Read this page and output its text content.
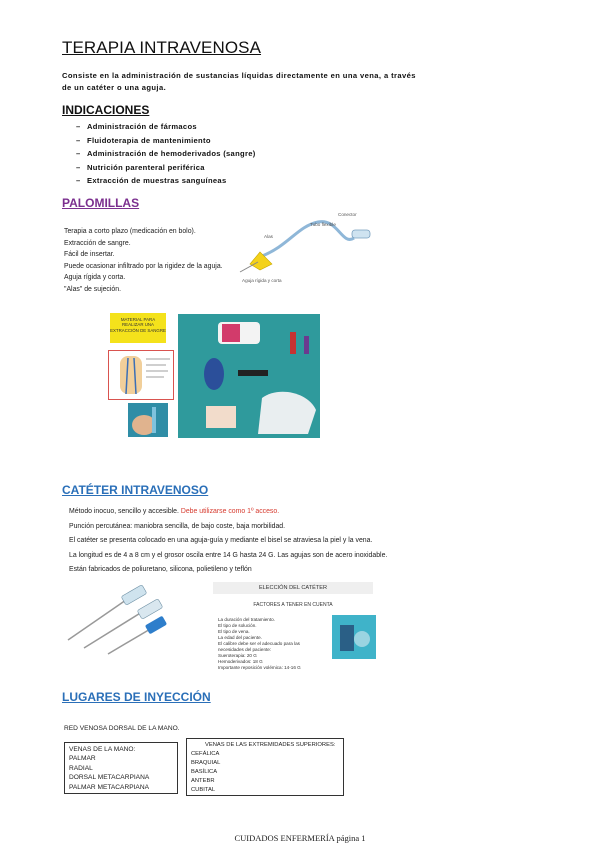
TERAPIA INTRAVENOSA
Consiste en la administración de sustancias líquidas directamente en una vena, a través de un catéter o una aguja.
INDICACIONES
– Administración de fármacos
– Fluidoterapia de mantenimiento
– Administración de hemoderivados (sangre)
– Nutrición parenteral periférica
– Extracción de muestras sanguíneas
PALOMILLAS
Terapia a corto plazo (medicación en bolo).
Extracción de sangre.
Fácil de insertar.
Puede ocasionar infiltrado por la rigidez de la aguja.
Aguja rígida y corta.
"Alas" de sujeción.
Conector
Tubo flexible
Alas
Aguja rígida y corta
MATERIAL PARA
REALIZAR UNA
EXTRACCIÓN DE SANGRE
CATÉTER INTRAVENOSO
Método inocuo, sencillo y accesible. Debe utilizarse como 1º acceso.
Punción percutánea: maniobra sencilla, de bajo coste, baja morbilidad.
El catéter se presenta colocado en una aguja-guía y mediante el bisel se atraviesa la piel y la vena.
La longitud es de 4 a 8 cm y el grosor oscila entre 14 G hasta 24 G. Las agujas son de acero inoxidable.
Están fabricados de poliuretano, silicona, polietileno y teflón
ELECCIÓN DEL CATÉTER
FACTORES A TENER EN CUENTA
La duración del tratamiento.
El tipo de solución.
El tipo de vena.
La edad del paciente.
El calibre debe ser el adecuado para las
necesidades del paciente:
Sueroterapia: 20 G
Hemoderivados: 18 G
Importante reposición volémica: 14-16 G
LUGARES DE INYECCIÓN
RED VENOSA DORSAL DE LA MANO.
VENAS DE LA MANO:
PALMAR
RADIAL
DORSAL METACARPIANA
PALMAR METACARPIANA
VENAS DE LAS EXTREMIDADES SUPERIORES:
CEFÁLICA
BRAQUIAL
BASÍLICA
ANTEBR
CUBITAL
CUIDADOS ENFERMERÍA página 1
